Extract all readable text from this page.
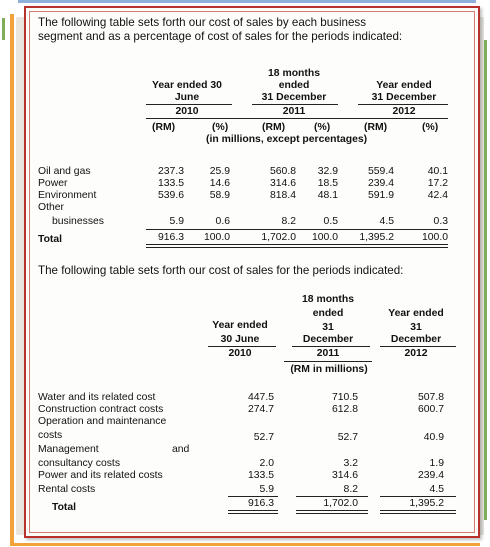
The following table sets forth our cost of sales by each business
segment and as a percentage of cost of sales for the periods indicated:
Year ended 30
June
2010
18 months
ended
31 December
2011
Year ended
31 December
2012
(RM)	(%)	(RM)	(%)	(RM)	(%)
(in millions, except percentages)
Oil and gas	237.3	25.9	560.8	32.9	559.4	40.1
Power	133.5	14.6	314.6	18.5	239.4	17.2
Environment	539.6	58.9	818.4	48.1	591.9	42.4
Other
businesses	5.9	0.6	8.2	0.5	4.5	0.3
Total	916.3	100.0	1,702.0	100.0	1,395.2	100.0
The following table sets forth our cost of sales for the periods indicated:
Year ended
30 June
2010
18 months
ended
31
December
2011
Year ended
31
December
2012
(RM in millions)
Water and its related cost	447.5	710.5	507.8
Construction contract costs	274.7	612.8	600.7
Operation and maintenance
costs	52.7	52.7	40.9
Management	and
consultancy costs	2.0	3.2	1.9
Power and its related costs	133.5	314.6	239.4
Rental costs	5.9	8.2	4.5
Total	916.3	1,702.0	1,395.2
